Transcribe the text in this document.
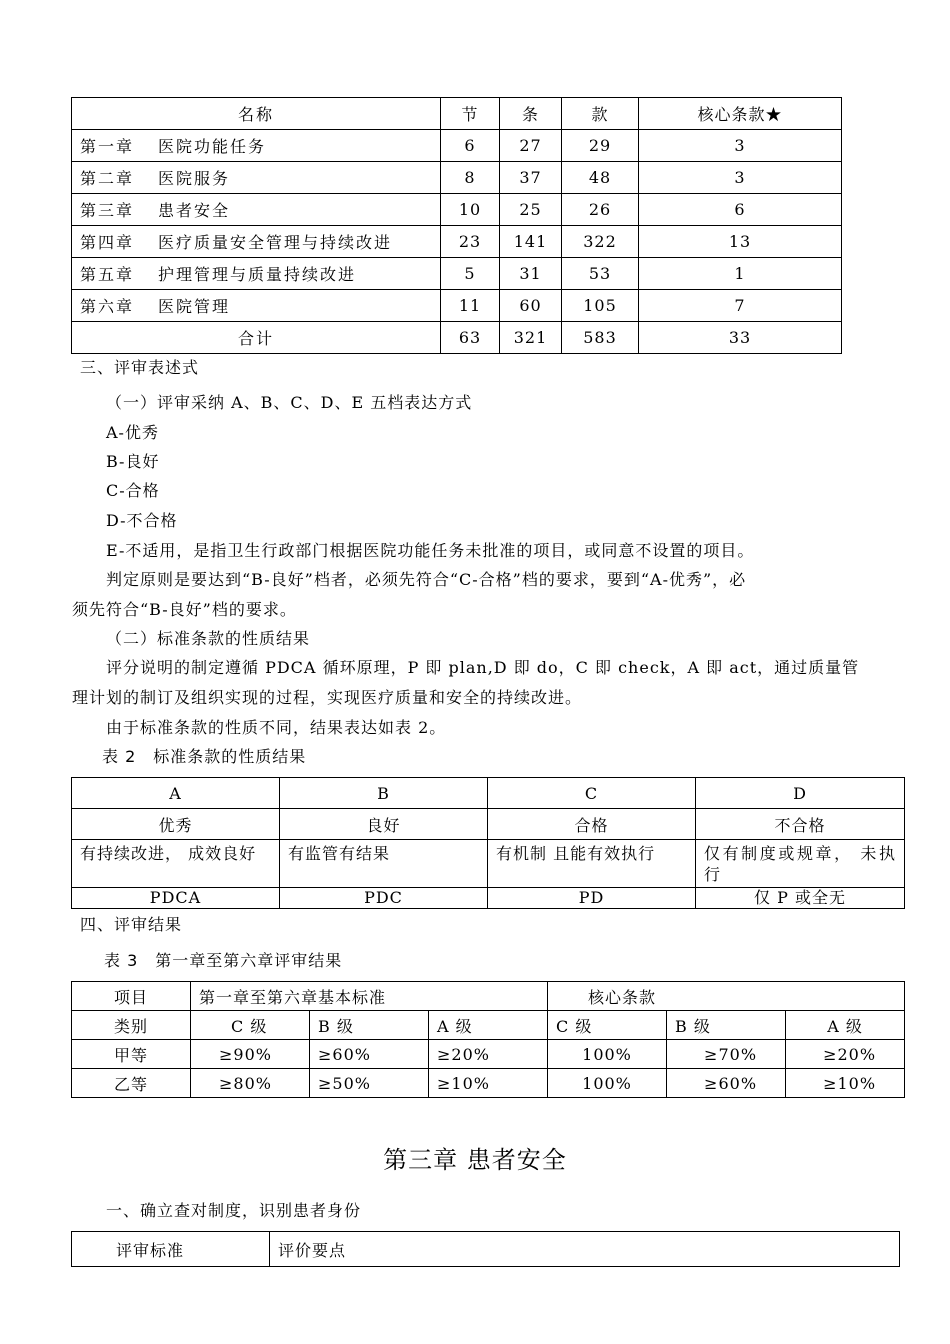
名称	节	条	款	核心条款★
第一章 医院功能任务	6	27	29	3
第二章 医院服务	8	37	48	3
第三章 患者安全	10	25	26	6
第四章 医疗质量安全管理与持续改进	23	141	322	13
第五章 护理管理与质量持续改进	5	31	53	1
第六章 医院管理	11	60	105	7
合计	63	321	583	33
三、评审表述式
（一）评审采纳 A、B、C、D、E 五档表达方式
A-优秀
B-良好
C-合格
D-不合格
E-不适用，是指卫生行政部门根据医院功能任务未批准的项目，或同意不设置的项目。
判定原则是要达到“B-良好”档者，必须先符合“C-合格”档的要求，要到“A-优秀”，必
须先符合“B-良好”档的要求。
（二）标准条款的性质结果
评分说明的制定遵循 PDCA 循环原理，P 即 plan,D 即 do，C 即 check，A 即 act，通过质量管
理计划的制订及组织实现的过程，实现医疗质量和安全的持续改进。
由于标准条款的性质不同，结果表达如表 2。
表 2　标准条款的性质结果
A	B	C	D
优秀	良好	合格	不合格
有持续改进， 成效良好	有监管有结果	有机制 且能有效执行	仅有制度或规章， 未执行
PDCA	PDC	PD	仅 P 或全无
四、评审结果
表 3　第一章至第六章评审结果
项目	第一章至第六章基本标准			核心条款		
类别	C 级	B 级	A 级	C 级	B 级	A 级
甲等	≥90%	≥60%	≥20%	100%	≥70%	≥20%
乙等	≥80%	≥50%	≥10%	100%	≥60%	≥10%
第三章 患者安全
一、确立查对制度，识别患者身份
评审标准	评价要点
